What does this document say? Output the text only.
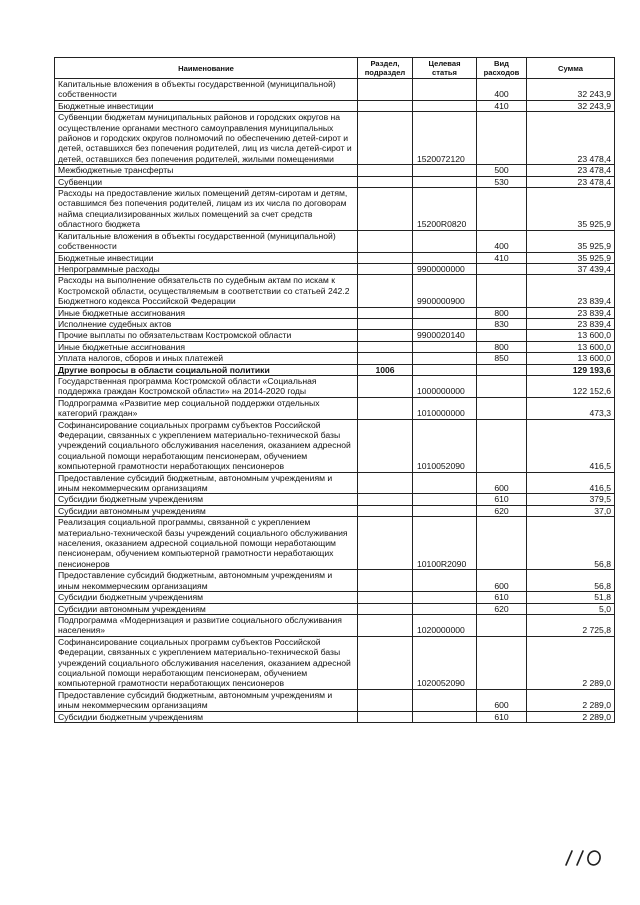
Наименование	Раздел, подраздел	Целевая статья	Вид расходов	Сумма
Капитальные вложения в объекты государственной (муниципальной) собственности			400	32 243,9
Бюджетные инвестиции			410	32 243,9
Субвенции бюджетам муниципальных районов и городских округов на осуществление органами местного самоуправления муниципальных районов и городских округов полномочий по обеспечению детей-сирот и детей, оставшихся без попечения родителей, лиц из числа детей-сирот и детей, оставшихся без попечения родителей, жилыми помещениями		1520072120		23 478,4
Межбюджетные трансферты			500	23 478,4
Субвенции			530	23 478,4
Расходы на предоставление жилых помещений детям-сиротам и детям, оставшимся без попечения родителей, лицам из их числа по договорам найма специализированных жилых помещений за счет средств областного бюджета		15200R0820		35 925,9
Капитальные вложения в объекты государственной (муниципальной) собственности			400	35 925,9
Бюджетные инвестиции			410	35 925,9
Непрограммные расходы		9900000000		37 439,4
Расходы на выполнение обязательств по судебным актам по искам к Костромской области, осуществляемым в соответствии со статьей 242.2 Бюджетного кодекса Российской Федерации		9900000900		23 839,4
Иные бюджетные ассигнования			800	23 839,4
Исполнение судебных актов			830	23 839,4
Прочие выплаты по обязательствам Костромской области		9900020140		13 600,0
Иные бюджетные ассигнования			800	13 600,0
Уплата налогов, сборов и иных платежей			850	13 600,0
Другие вопросы в области социальной политики	1006			129 193,6
Государственная программа Костромской области «Социальная поддержка граждан Костромской области» на 2014-2020 годы		1000000000		122 152,6
Подпрограмма «Развитие мер социальной поддержки отдельных категорий граждан»		1010000000		473,3
Софинансирование социальных программ субъектов Российской Федерации, связанных с укреплением материально-технической базы учреждений социального обслуживания населения, оказанием адресной социальной помощи неработающим пенсионерам, обучением компьютерной грамотности неработающих пенсионеров		1010052090		416,5
Предоставление субсидий бюджетным, автономным учреждениям и иным некоммерческим организациям			600	416,5
Субсидии бюджетным учреждениям			610	379,5
Субсидии автономным учреждениям			620	37,0
Реализация социальной программы, связанной с укреплением материально-технической базы учреждений социального обслуживания населения, оказанием адресной социальной помощи неработающим пенсионерам, обучением компьютерной грамотности неработающих пенсионеров		10100R2090		56,8
Предоставление субсидий бюджетным, автономным учреждениям и иным некоммерческим организациям			600	56,8
Субсидии бюджетным учреждениям			610	51,8
Субсидии автономным учреждениям			620	5,0
Подпрограмма «Модернизация и развитие социального обслуживания населения»		1020000000		2 725,8
Софинансирование социальных программ субъектов Российской Федерации, связанных с укреплением материально-технической базы учреждений социального обслуживания населения, оказанием адресной социальной помощи неработающим пенсионерам, обучением компьютерной грамотности неработающих пенсионеров		1020052090		2 289,0
Предоставление субсидий бюджетным, автономным учреждениям и иным некоммерческим организациям			600	2 289,0
Субсидии бюджетным учреждениям			610	2 289,0
